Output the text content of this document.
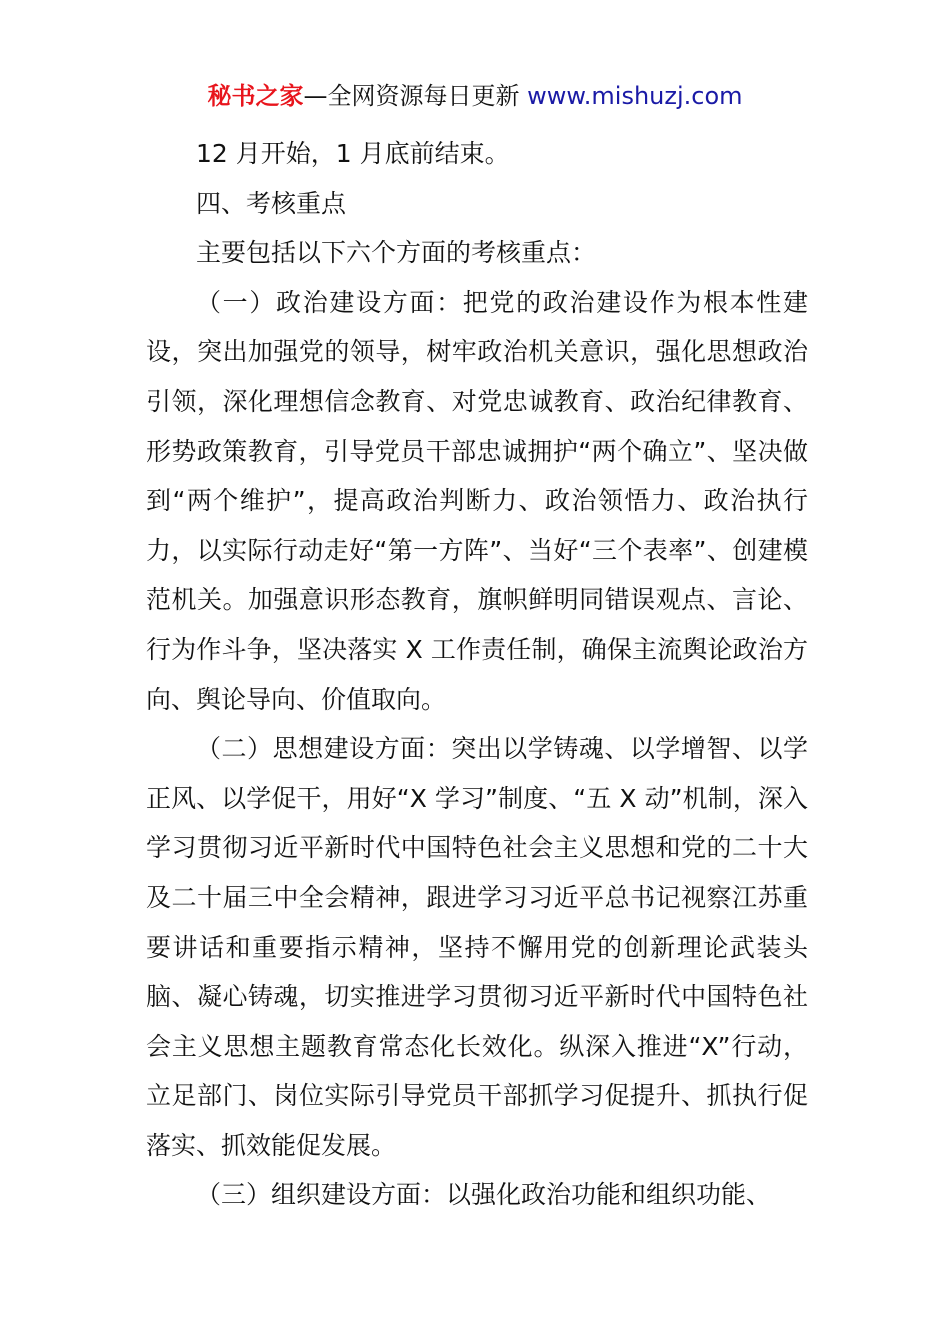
秘书之家—全网资源每日更新 www.mishuzj.com

12 月开始，1 月底前结束。

四、考核重点

主要包括以下六个方面的考核重点：

（一）政治建设方面：把党的政治建设作为根本性建设，突出加强党的领导，树牢政治机关意识，强化思想政治引领，深化理想信念教育、对党忠诚教育、政治纪律教育、形势政策教育，引导党员干部忠诚拥护“两个确立”、坚决做到“两个维护”，提高政治判断力、政治领悟力、政治执行力，以实际行动走好“第一方阵”、当好“三个表率”、创建模范机关。加强意识形态教育，旗帜鲜明同错误观点、言论、行为作斗争，坚决落实 X 工作责任制，确保主流舆论政治方向、舆论导向、价值取向。

（二）思想建设方面：突出以学铸魂、以学增智、以学正风、以学促干，用好“X 学习”制度、“五 X 动”机制，深入学习贯彻习近平新时代中国特色社会主义思想和党的二十大及二十届三中全会精神，跟进学习习近平总书记视察江苏重要讲话和重要指示精神，坚持不懈用党的创新理论武装头脑、凝心铸魂，切实推进学习贯彻习近平新时代中国特色社会主义思想主题教育常态化长效化。纵深入推进“X”行动，立足部门、岗位实际引导党员干部抓学习促提升、抓执行促落实、抓效能促发展。

（三）组织建设方面：以强化政治功能和组织功能、
